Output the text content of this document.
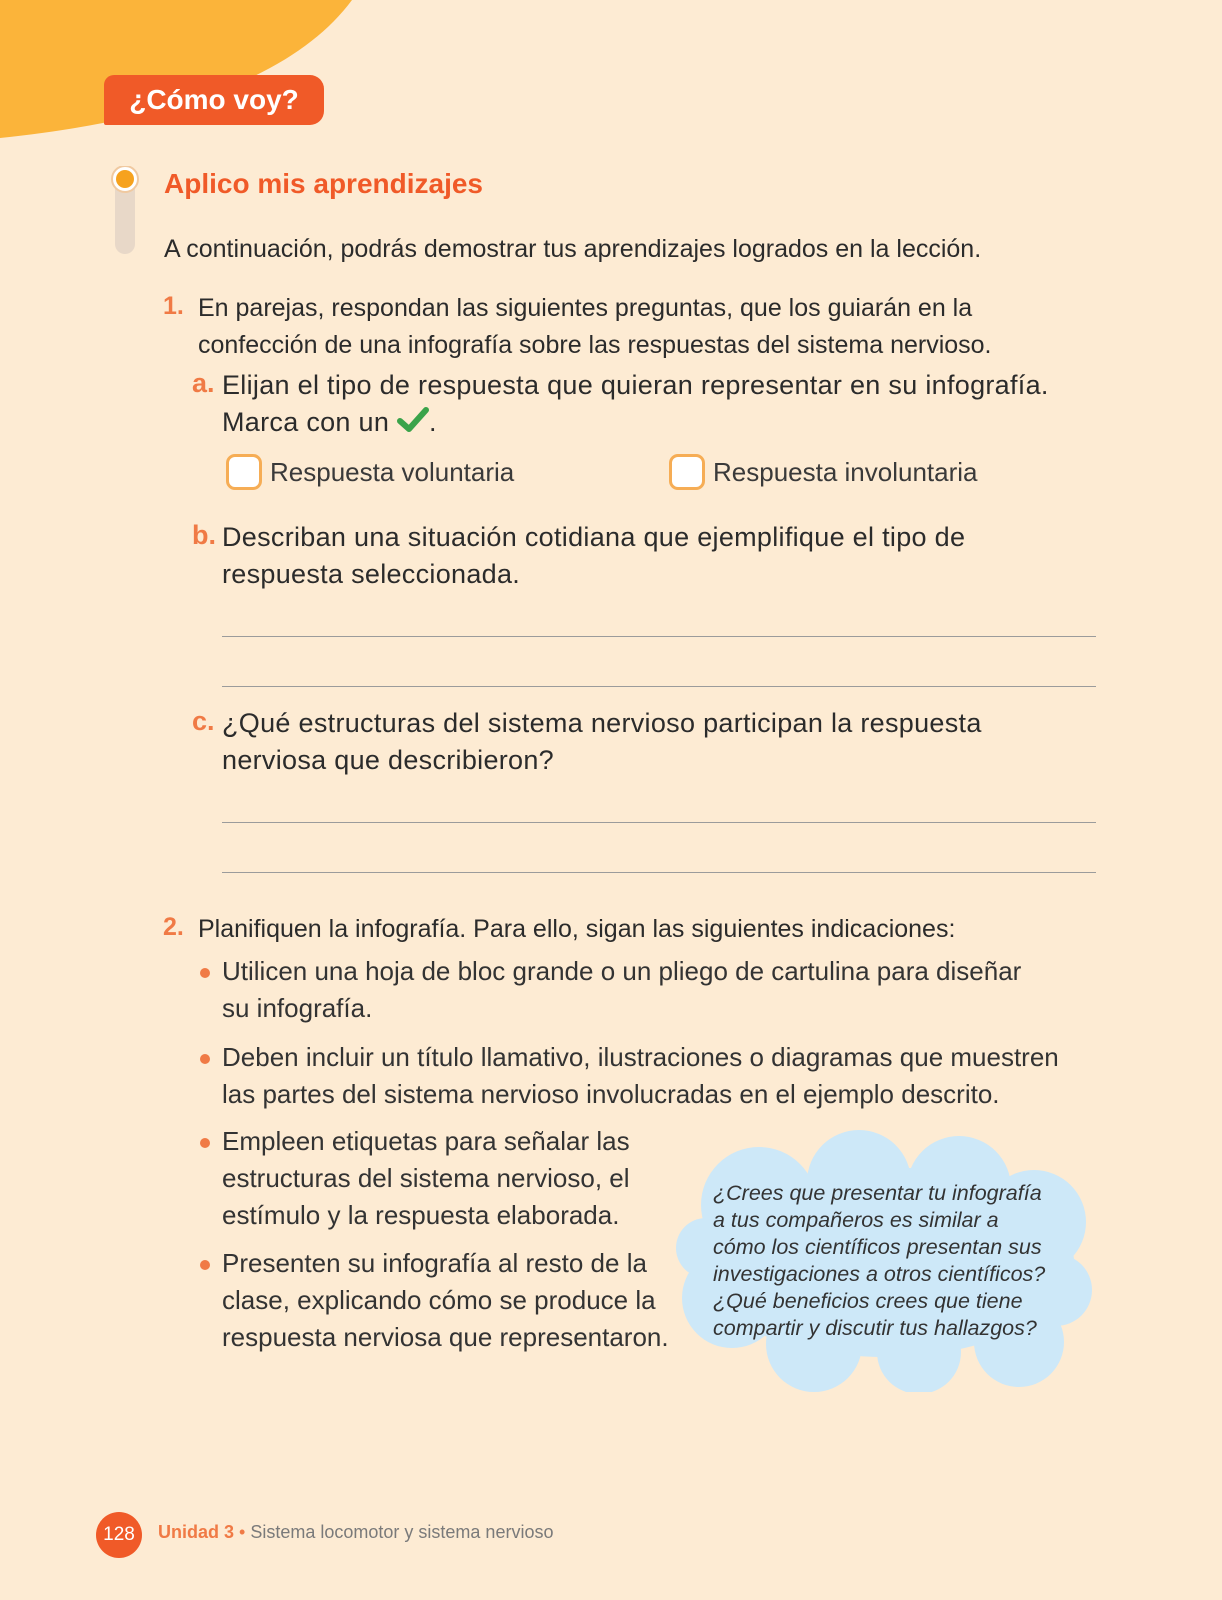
¿Cómo voy?
Aplico mis aprendizajes

A continuación, podrás demostrar tus aprendizajes logrados en la lección.

1. En parejas, respondan las siguientes preguntas, que los guiarán en la
confección de una infografía sobre las respuestas del sistema nervioso.

a. Elijan el tipo de respuesta que quieran representar en su infografía.
Marca con un .

Respuesta voluntaria	Respuesta involuntaria
b. Describan una situación cotidiana que ejemplifique el tipo de
respuesta seleccionada.

c. ¿Qué estructuras del sistema nervioso participan la respuesta
nerviosa que describieron?

2. Planifiquen la infografía. Para ello, sigan las siguientes indicaciones:

Utilicen una hoja de bloc grande o un pliego de cartulina para diseñar
su infografía.

Deben incluir un título llamativo, ilustraciones o diagramas que muestren
las partes del sistema nervioso involucradas en el ejemplo descrito.

Empleen etiquetas para señalar las
estructuras del sistema nervioso, el
estímulo y la respuesta elaborada.

Presenten su infografía al resto de la
clase, explicando cómo se produce la
respuesta nerviosa que representaron.

¿Crees que presentar tu infografía
a tus compañeros es similar a
cómo los científicos presentan sus
investigaciones a otros científicos?
¿Qué beneficios crees que tiene
compartir y discutir tus hallazgos?

128	Unidad 3 • Sistema locomotor y sistema nervioso
